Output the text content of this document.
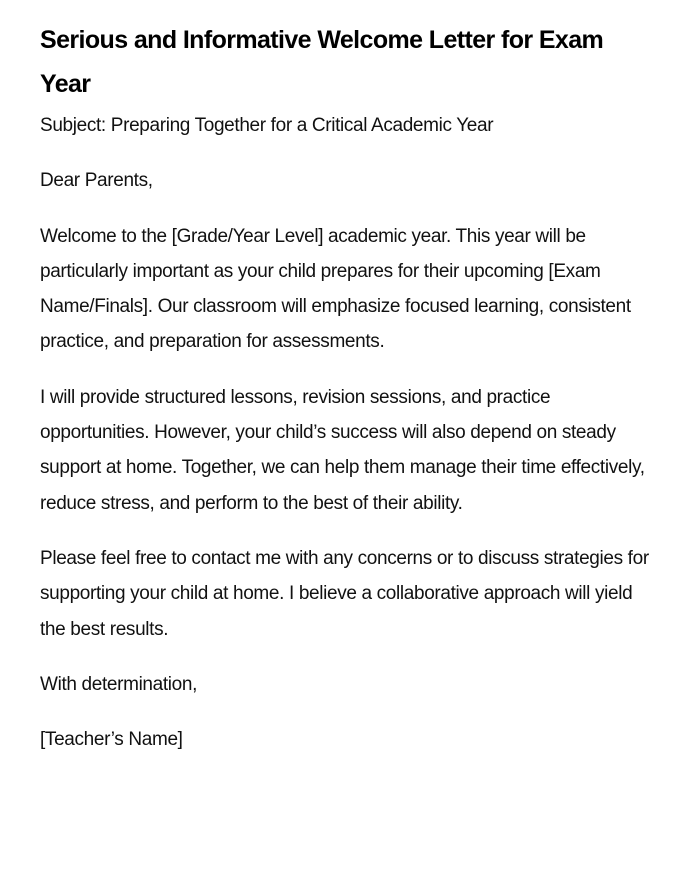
Serious and Informative Welcome Letter for Exam Year

Subject: Preparing Together for a Critical Academic Year

Dear Parents,

Welcome to the [Grade/Year Level] academic year. This year will be particularly important as your child prepares for their upcoming [Exam Name/Finals]. Our classroom will emphasize focused learning, consistent practice, and preparation for assessments.

I will provide structured lessons, revision sessions, and practice opportunities. However, your child’s success will also depend on steady support at home. Together, we can help them manage their time effectively, reduce stress, and perform to the best of their ability.

Please feel free to contact me with any concerns or to discuss strategies for supporting your child at home. I believe a collaborative approach will yield the best results.

With determination,

[Teacher’s Name]
